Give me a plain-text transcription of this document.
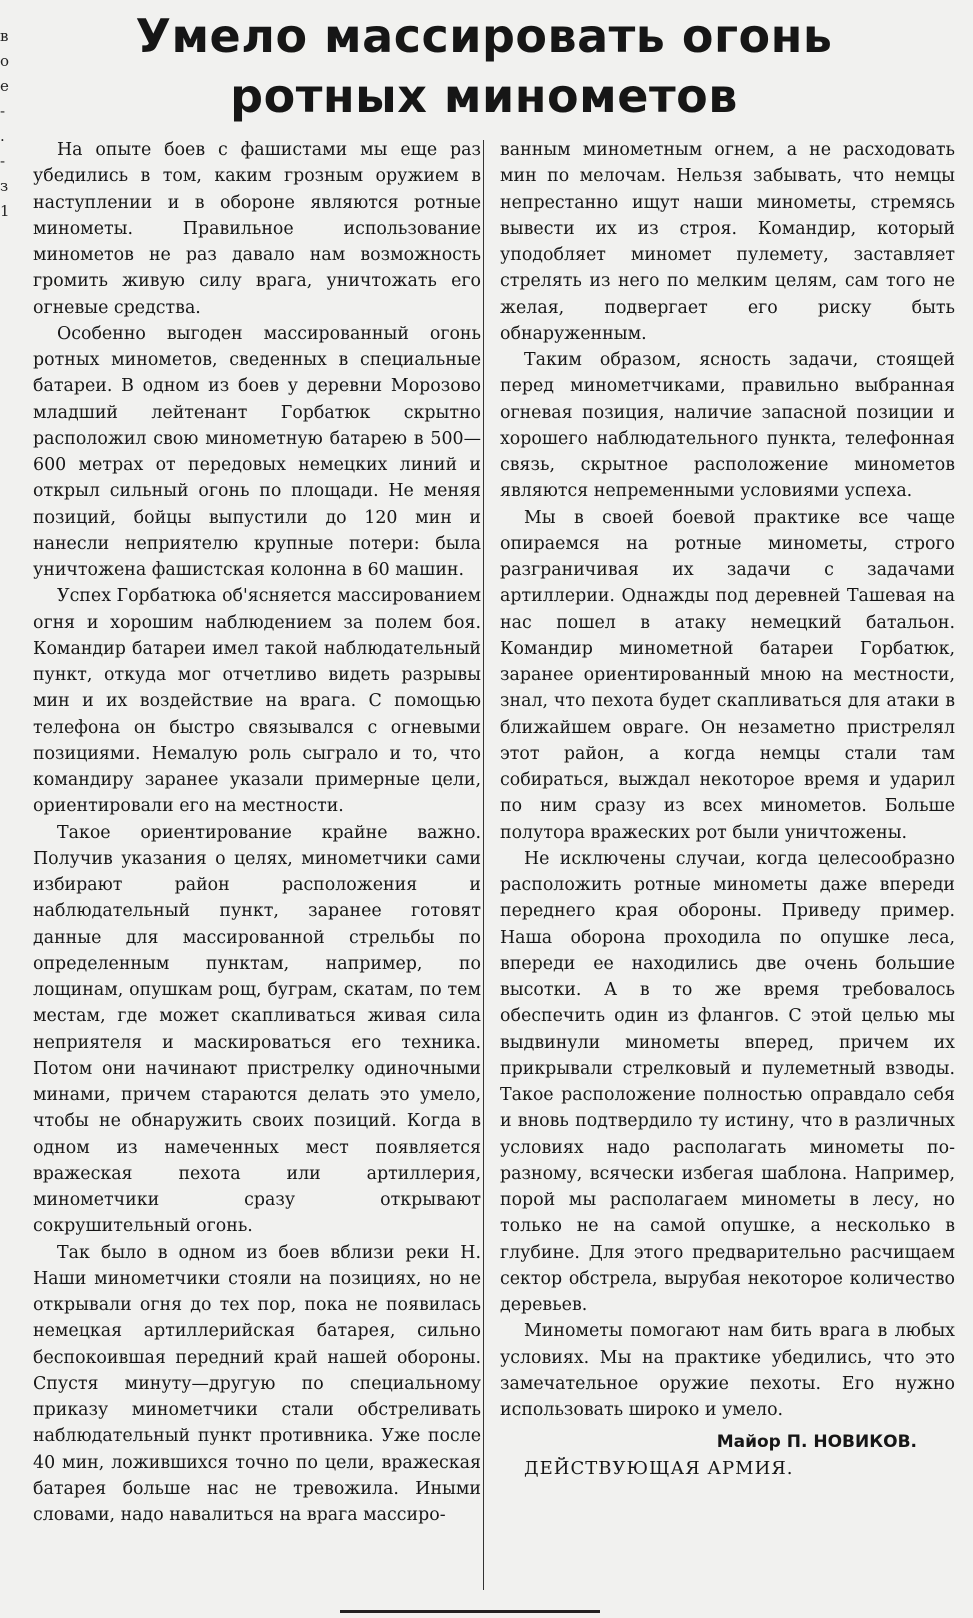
в
о
е
-
.
-
з
1
Умело массировать огонь
ротных минометов

На опыте боев с фашистами мы еще раз убедились в том, каким грозным оружием в наступлении и в обороне являются ротные минометы. Правильное использование минометов не раз давало нам возможность громить живую силу врага, уничтожать его огневые средства.

Особенно выгоден массированный огонь ротных минометов, сведенных в специальные батареи. В одном из боев у деревни Морозово младший лейтенант Горбатюк скрытно расположил свою минометную батарею в 500—600 метрах от передовых немецких линий и открыл сильный огонь по площади. Не меняя позиций, бойцы выпустили до 120 мин и нанесли неприятелю крупные потери: была уничтожена фашистская колонна в 60 машин.

Успех Горбатюка об'ясняется массированием огня и хорошим наблюдением за полем боя. Командир батареи имел такой наблюдательный пункт, откуда мог отчетливо видеть разрывы мин и их воздействие на врага. С помощью телефона он быстро связывался с огневыми позициями. Немалую роль сыграло и то, что командиру заранее указали примерные цели, ориентировали его на местности.

Такое ориентирование крайне важно. Получив указания о целях, минометчики сами избирают район расположения и наблюдательный пункт, заранее готовят данные для массированной стрельбы по определенным пунктам, например, по лощинам, опушкам рощ, буграм, скатам, по тем местам, где может скапливаться живая сила неприятеля и маскироваться его техника. Потом они начинают пристрелку одиночными минами, причем стараются делать это умело, чтобы не обнаружить своих позиций. Когда в одном из намеченных мест появляется вражеская пехота или артиллерия, минометчики сразу открывают сокрушительный огонь.

Так было в одном из боев вблизи реки Н. Наши минометчики стояли на позициях, но не открывали огня до тех пор, пока не появилась немецкая артиллерийская батарея, сильно беспокоившая передний край нашей обороны. Спустя минуту—другую по специальному приказу минометчики стали обстреливать наблюдательный пункт противника. Уже после 40 мин, ложившихся точно по цели, вражеская батарея больше нас не тревожила. Иными словами, надо навалиться на врага массиро-

ванным минометным огнем, а не расходовать мин по мелочам. Нельзя забывать, что немцы непрестанно ищут наши минометы, стремясь вывести их из строя. Командир, который уподобляет миномет пулемету, заставляет стрелять из него по мелким целям, сам того не желая, подвергает его риску быть обнаруженным.

Таким образом, ясность задачи, стоящей перед минометчиками, правильно выбранная огневая позиция, наличие запасной позиции и хорошего наблюдательного пункта, телефонная связь, скрытное расположение минометов являются непременными условиями успеха.

Мы в своей боевой практике все чаще опираемся на ротные минометы, строго разграничивая их задачи с задачами артиллерии. Однажды под деревней Ташевая на нас пошел в атаку немецкий батальон. Командир минометной батареи Горбатюк, заранее ориентированный мною на местности, знал, что пехота будет скапливаться для атаки в ближайшем овраге. Он незаметно пристрелял этот район, а когда немцы стали там собираться, выждал некоторое время и ударил по ним сразу из всех минометов. Больше полутора вражеских рот были уничтожены.

Не исключены случаи, когда целесообразно расположить ротные минометы даже впереди переднего края обороны. Приведу пример. Наша оборона проходила по опушке леса, впереди ее находились две очень большие высотки. А в то же время требовалось обеспечить один из флангов. С этой целью мы выдвинули минометы вперед, причем их прикрывали стрелковый и пулеметный взводы. Такое расположение полностью оправдало себя и вновь подтвердило ту истину, что в различных условиях надо располагать минометы по-разному, всячески избегая шаблона. Например, порой мы располагаем минометы в лесу, но только не на самой опушке, а несколько в глубине. Для этого предварительно расчищаем сектор обстрела, вырубая некоторое количество деревьев.

Минометы помогают нам бить врага в любых условиях. Мы на практике убедились, что это замечательное оружие пехоты. Его нужно использовать широко и умело.

Майор П. НОВИКОВ.

ДЕЙСТВУЮЩАЯ АРМИЯ.
